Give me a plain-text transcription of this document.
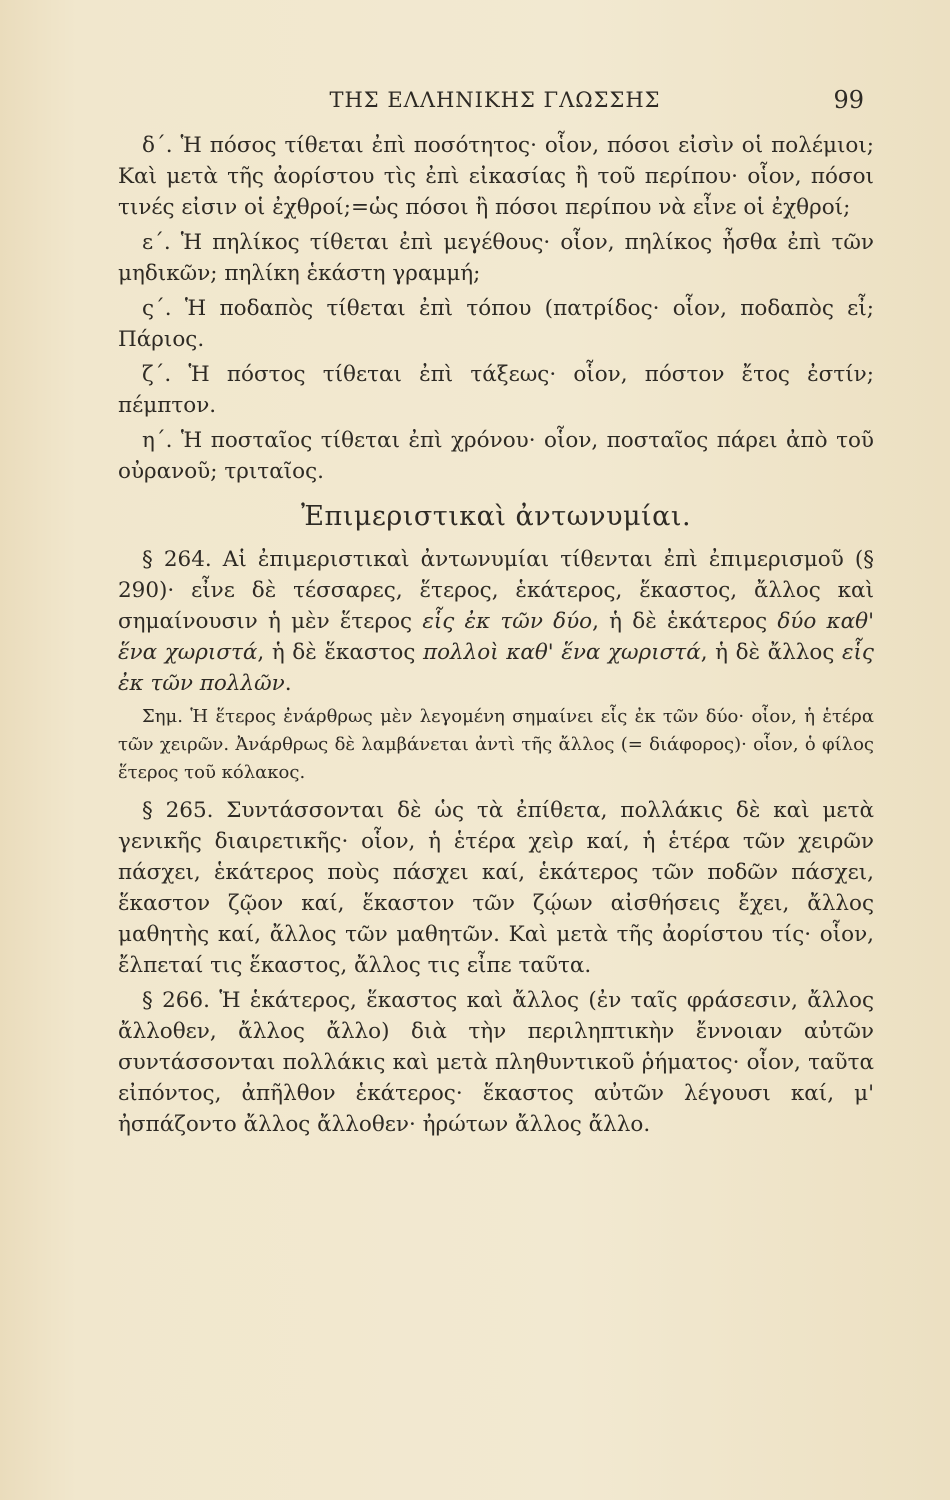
ΤΗΣ ΕΛΛΗΝΙΚΗΣ ΓΛΩΣΣΗΣ	99

δ΄. Ἡ πόσος τίθεται ἐπὶ ποσότητος· οἷον, πόσοι εἰσὶν οἱ πολέμιοι; Καὶ μετὰ τῆς ἀορίστου τὶς ἐπὶ εἰκασίας ἢ τοῦ περίπου· οἷον, πόσοι τινές εἰσιν οἱ ἐχθροί;=ὡς πόσοι ἢ πόσοι περίπου νὰ εἶνε οἱ ἐχθροί;

ε΄. Ἡ πηλίκος τίθεται ἐπὶ μεγέθους· οἷον, πηλίκος ἦσθα ἐπὶ τῶν μηδικῶν; πηλίκη ἑκάστη γραμμή;

ς΄. Ἡ ποδαπὸς τίθεται ἐπὶ τόπου (πατρίδος· οἷον, ποδαπὸς εἶ; Πάριος.

ζ΄. Ἡ πόστος τίθεται ἐπὶ τάξεως· οἷον, πόστον ἔτος ἐστίν; πέμπτον.

η΄. Ἡ ποσταῖος τίθεται ἐπὶ χρόνου· οἷον, ποσταῖος πάρει ἀπὸ τοῦ οὐρανοῦ; τριταῖος.

Ἐπιμεριστικαὶ ἀντωνυμίαι.

§ 264. Αἱ ἐπιμεριστικαὶ ἀντωνυμίαι τίθενται ἐπὶ ἐπιμερισμοῦ (§ 290)· εἶνε δὲ τέσσαρες, ἕτερος, ἑκάτερος, ἕκαστος, ἄλλος καὶ σημαίνουσιν ἡ μὲν ἕτερος εἷς ἐκ τῶν δύο, ἡ δὲ ἑκάτερος δύο καθ' ἕνα χωριστά, ἡ δὲ ἕκαστος πολλοὶ καθ' ἕνα χωριστά, ἡ δὲ ἄλλος εἷς ἐκ τῶν πολλῶν.

Σημ. Ἡ ἕτερος ἐνάρθρως μὲν λεγομένη σημαίνει εἷς ἐκ τῶν δύο· οἷον, ἡ ἑτέρα τῶν χειρῶν. Ἀνάρθρως δὲ λαμβάνεται ἀντὶ τῆς ἄλλος (= διάφορος)· οἷον, ὁ φίλος ἕτερος τοῦ κόλακος.

§ 265. Συντάσσονται δὲ ὡς τὰ ἐπίθετα, πολλάκις δὲ καὶ μετὰ γενικῆς διαιρετικῆς· οἷον, ἡ ἑτέρα χεὶρ καί, ἡ ἑτέρα τῶν χειρῶν πάσχει, ἑκάτερος ποὺς πάσχει καί, ἑκάτερος τῶν ποδῶν πάσχει, ἕκαστον ζῷον καί, ἕκαστον τῶν ζῴων αἰσθήσεις ἔχει, ἄλλος μαθητὴς καί, ἄλλος τῶν μαθητῶν. Καὶ μετὰ τῆς ἀορίστου τίς· οἷον, ἔλπεταί τις ἕκαστος, ἄλλος τις εἶπε ταῦτα.

§ 266. Ἡ ἑκάτερος, ἕκαστος καὶ ἄλλος (ἐν ταῖς φράσεσιν, ἄλλος ἄλλοθεν, ἄλλος ἄλλο) διὰ τὴν περιληπτικὴν ἔννοιαν αὐτῶν συντάσσονται πολλάκις καὶ μετὰ πληθυντικοῦ ῥήματος· οἷον, ταῦτα εἰπόντος, ἀπῆλθον ἑκάτερος· ἕκαστος αὐτῶν λέγουσι καί, μ' ἠσπάζοντο ἄλλος ἄλλοθεν· ἠρώτων ἄλλος ἄλλο.
